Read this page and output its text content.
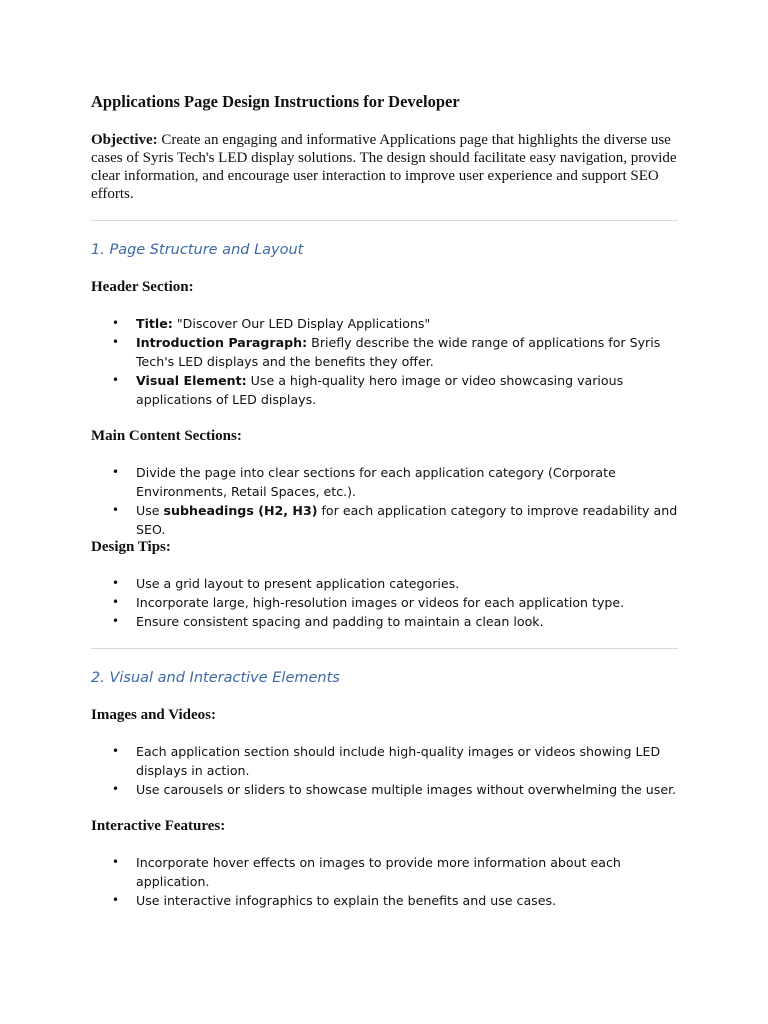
Applications Page Design Instructions for Developer

Objective: Create an engaging and informative Applications page that highlights the diverse use cases of Syris Tech's LED display solutions. The design should facilitate easy navigation, provide clear information, and encourage user interaction to improve user experience and support SEO efforts.

1. Page Structure and Layout
Header Section:
• Title: "Discover Our LED Display Applications"
• Introduction Paragraph: Briefly describe the wide range of applications for Syris Tech's LED displays and the benefits they offer.
• Visual Element: Use a high-quality hero image or video showcasing various applications of LED displays.
Main Content Sections:
• Divide the page into clear sections for each application category (Corporate Environments, Retail Spaces, etc.).
• Use subheadings (H2, H3) for each application category to improve readability and SEO.
Design Tips:
• Use a grid layout to present application categories.
• Incorporate large, high-resolution images or videos for each application type.
• Ensure consistent spacing and padding to maintain a clean look.
2. Visual and Interactive Elements
Images and Videos:
• Each application section should include high-quality images or videos showing LED displays in action.
• Use carousels or sliders to showcase multiple images without overwhelming the user.
Interactive Features:
• Incorporate hover effects on images to provide more information about each application.
• Use interactive infographics to explain the benefits and use cases.
